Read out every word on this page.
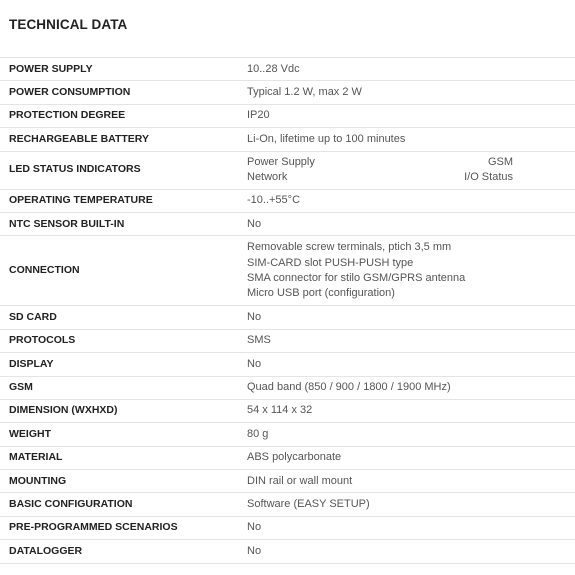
TECHNICAL DATA
POWER SUPPLY	10..28 Vdc

POWER CONSUMPTION	Typical 1.2 W, max 2 W

PROTECTION DEGREE	IP20

RECHARGEABLE BATTERY	Li-On, lifetime up to 100 minutes

LED STATUS INDICATORS	Power Supply GSM
Network I/O Status

OPERATING TEMPERATURE	-10..+55°C

NTC SENSOR BUILT-IN	No

CONNECTION	Removable screw terminals, ptich 3,5 mm
SIM-CARD slot PUSH-PUSH type
SMA connector for stilo GSM/GPRS antenna
Micro USB port (configuration)

SD CARD	No

PROTOCOLS	SMS

DISPLAY	No

GSM	Quad band (850 / 900 / 1800 / 1900 MHz)

DIMENSION (WXHXD)	54 x 114 x 32

WEIGHT	80 g

MATERIAL	ABS polycarbonate

MOUNTING	DIN rail or wall mount

BASIC CONFIGURATION	Software (EASY SETUP)

PRE-PROGRAMMED SCENARIOS	No

DATALOGGER	No
